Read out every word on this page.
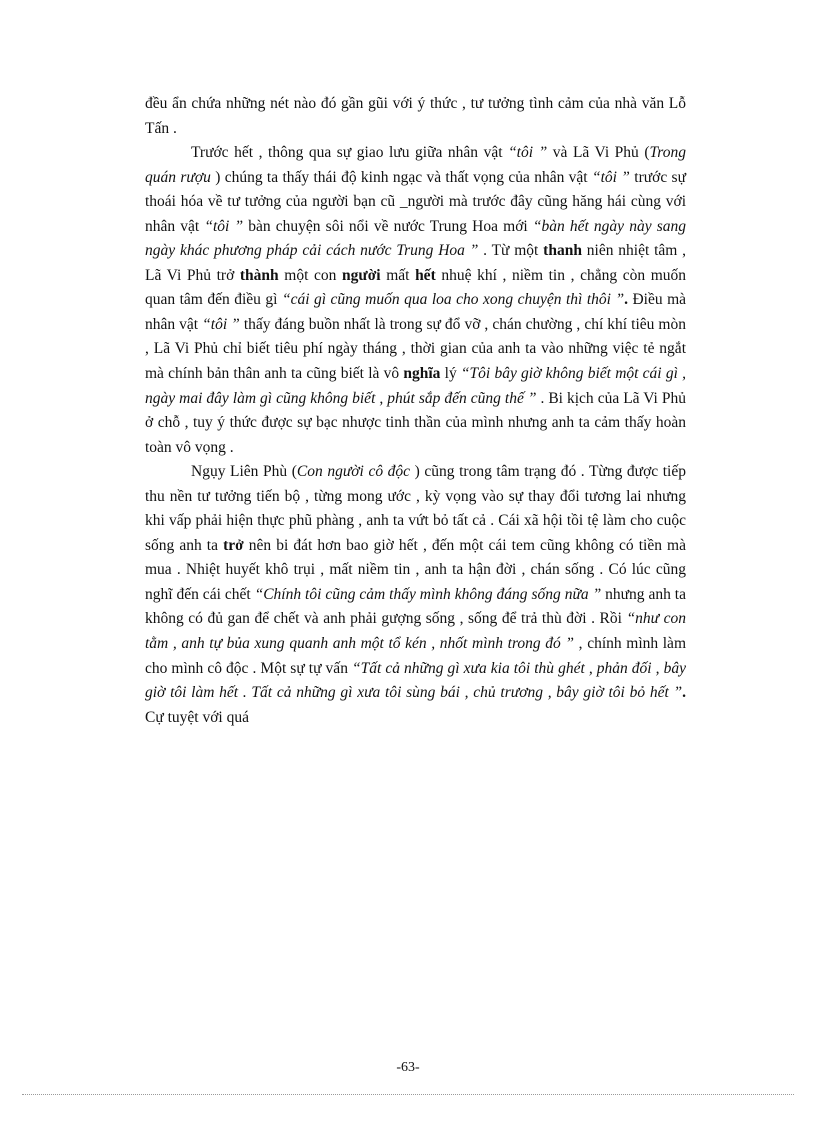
đều ẩn chứa những nét nào đó gần gũi với ý thức , tư tưởng tình cảm của nhà văn Lỗ Tấn .

Trước hết , thông qua sự giao lưu giữa nhân vật “tôi ” và Lã Vi Phủ (Trong quán rượu ) chúng ta thấy thái độ kinh ngạc và thất vọng của nhân vật “tôi ” trước sự thoái hóa về tư tưởng của người bạn cũ _người mà trước đây cũng hăng hái cùng với nhân vật “tôi ” bàn chuyện sôi nổi về nước Trung Hoa mới “bàn hết ngày này sang ngày khác phương pháp cải cách nước Trung Hoa ” . Từ một thanh niên nhiệt tâm , Lã Vi Phủ trở thành một con người mất hết nhuệ khí , niềm tin , chẳng còn muốn quan tâm đến điều gì “cái gì cũng muốn qua loa cho xong chuyện thì thôi ”. Điều mà nhân vật “tôi ” thấy đáng buồn nhất là trong sự đổ vỡ , chán chường , chí khí tiêu mòn , Lã Vi Phủ chỉ biết tiêu phí ngày tháng , thời gian của anh ta vào những việc tẻ ngắt mà chính bản thân anh ta cũng biết là vô nghĩa lý “Tôi bây giờ không biết một cái gì , ngày mai đây làm gì cũng không biết , phút sắp đến cũng thế ” . Bi kịch của Lã Vi Phủ ở chỗ , tuy ý thức được sự bạc nhược tinh thần của mình nhưng anh ta cảm thấy hoàn toàn vô vọng .

Ngụy Liên Phù (Con người cô độc ) cũng trong tâm trạng đó . Từng được tiếp thu nền tư tưởng tiến bộ , từng mong ước , kỳ vọng vào sự thay đổi tương lai nhưng khi vấp phải hiện thực phũ phàng , anh ta vứt bỏ tất cả . Cái xã hội tồi tệ làm cho cuộc sống anh ta trở nên bi đát hơn bao giờ hết , đến một cái tem cũng không có tiền mà mua . Nhiệt huyết khô trụi , mất niềm tin , anh ta hận đời , chán sống . Có lúc cũng nghĩ đến cái chết “Chính tôi cũng cảm thấy mình không đáng sống nữa ” nhưng anh ta không có đủ gan để chết và anh phải gượng sống , sống để trả thù đời . Rồi “như con tằm , anh tự bủa xung quanh anh một tổ kén , nhốt mình trong đó ” , chính mình làm cho mình cô độc . Một sự tự vấn “Tất cả những gì xưa kia tôi thù ghét , phản đối , bây giờ tôi làm hết . Tất cả những gì xưa tôi sùng bái , chủ trương , bây giờ tôi bỏ hết ”. Cự tuyệt với quá

-63-
